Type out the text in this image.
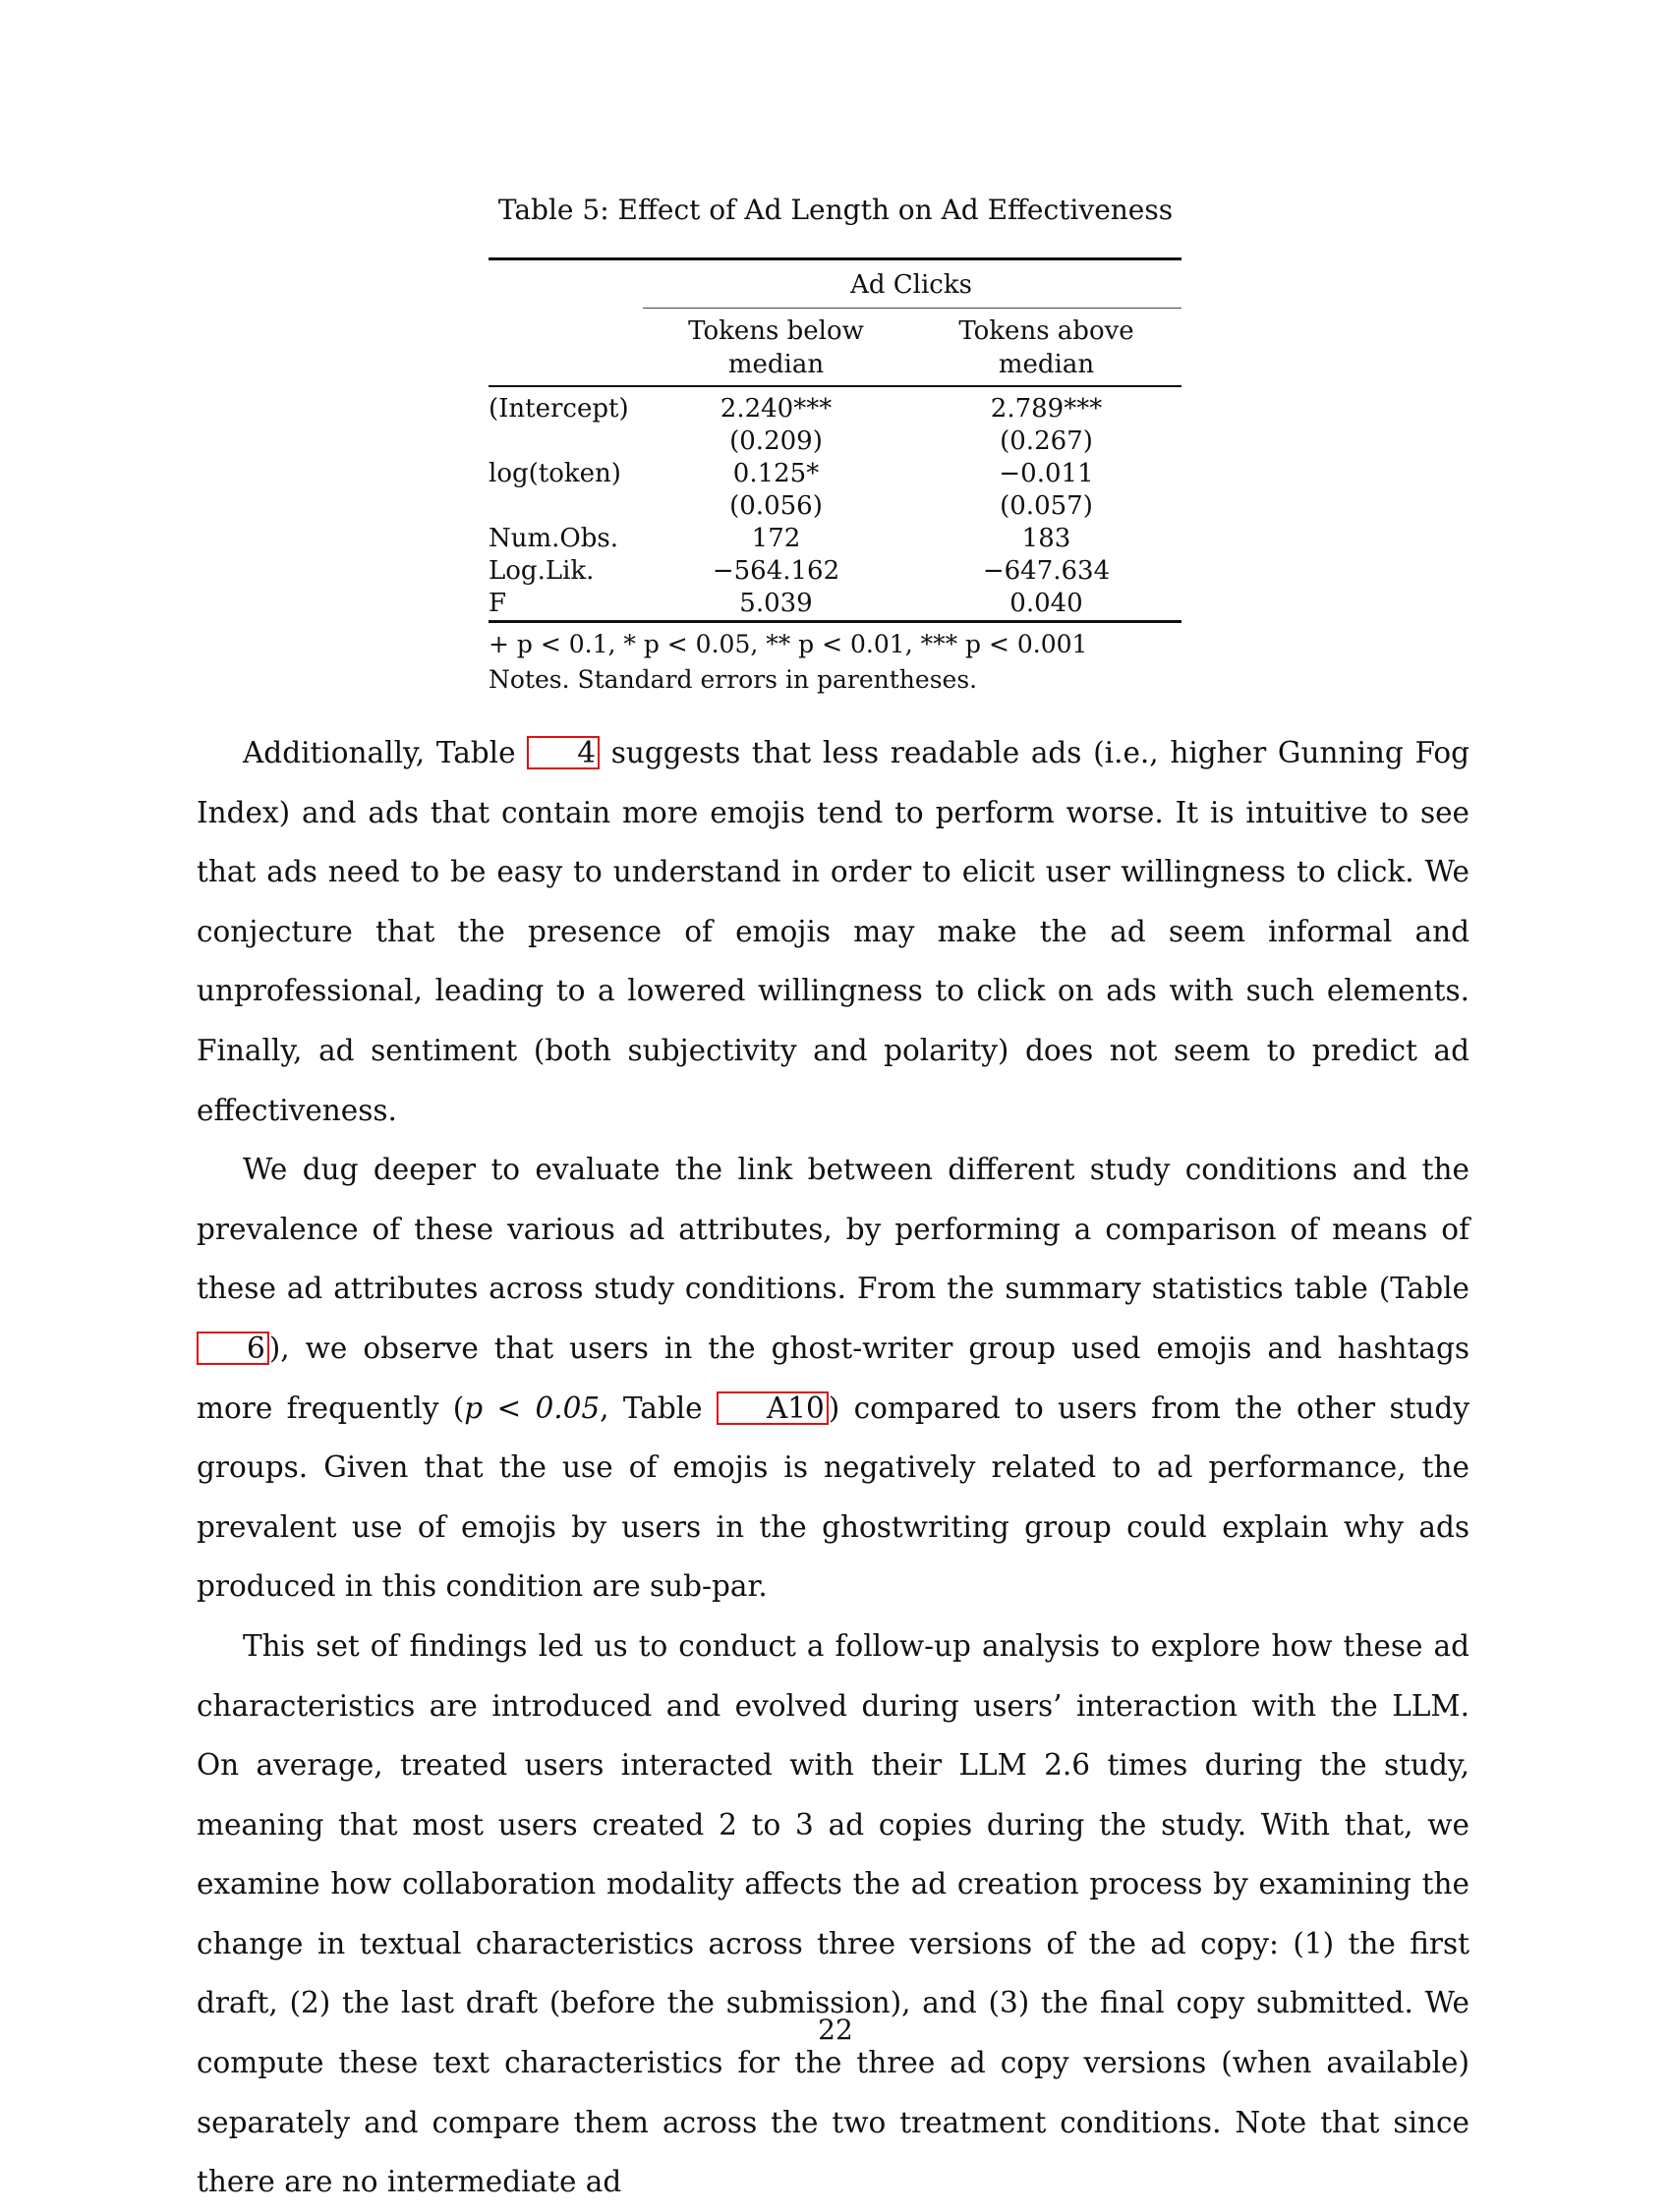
Table 5: Effect of Ad Length on Ad Effectiveness
Ad Clicks
Tokens below median
Tokens above median
(Intercept)	2.240***	2.789***
	(0.209)	(0.267)
log(token)	0.125*	−0.011
	(0.056)	(0.057)
Num.Obs.	172	183
Log.Lik.	−564.162	−647.634
F	5.039	0.040
+ p < 0.1, * p < 0.05, ** p < 0.01, *** p < 0.001
Notes. Standard errors in parentheses.

Additionally, Table 4 suggests that less readable ads (i.e., higher Gunning Fog Index) and ads that contain more emojis tend to perform worse. It is intuitive to see that ads need to be easy to understand in order to elicit user willingness to click. We conjecture that the presence of emojis may make the ad seem informal and unprofessional, leading to a lowered willingness to click on ads with such elements. Finally, ad sentiment (both subjectivity and polarity) does not seem to predict ad effectiveness.

We dug deeper to evaluate the link between different study conditions and the prevalence of these various ad attributes, by performing a comparison of means of these ad attributes across study conditions. From the summary statistics table (Table 6 ), we observe that users in the ghost-writer group used emojis and hashtags more frequently (p < 0.05, Table A10 ) compared to users from the other study groups. Given that the use of emojis is negatively related to ad performance, the prevalent use of emojis by users in the ghostwriting group could explain why ads produced in this condition are sub-par.

This set of findings led us to conduct a follow-up analysis to explore how these ad characteristics are introduced and evolved during users’ interaction with the LLM. On average, treated users interacted with their LLM 2.6 times during the study, meaning that most users created 2 to 3 ad copies during the study. With that, we examine how collaboration modality affects the ad creation process by examining the change in textual characteristics across three versions of the ad copy: (1) the first draft, (2) the last draft (before the submission), and (3) the final copy submitted. We compute these text characteristics for the three ad copy versions (when available) separately and compare them across the two treatment conditions. Note that since there are no intermediate ad

22
